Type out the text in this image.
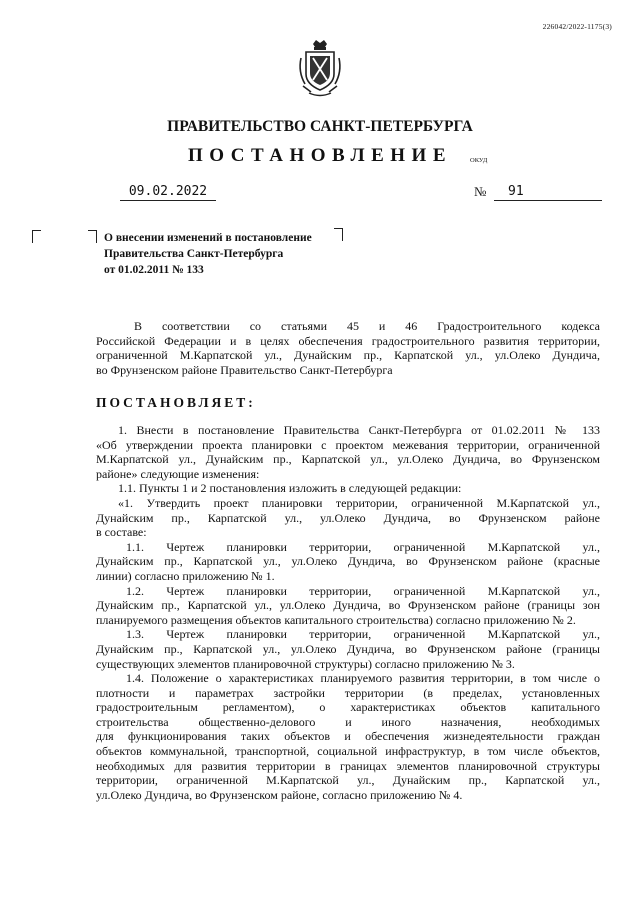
226042/2022-1175(3)
ПРАВИТЕЛЬСТВО САНКТ-ПЕТЕРБУРГА
ПОСТАНОВЛЕНИЕ	ОКУД
09.02.2022	№	91
О внесении изменений в постановление
Правительства Санкт-Петербурга
от 01.02.2011 № 133
В соответствии со статьями 45 и 46 Градостроительного кодекса
Российской Федерации и в целях обеспечения градостроительного развития территории,
ограниченной М.Карпатской ул., Дунайским пр., Карпатской ул., ул.Олеко Дундича,
во Фрунзенском районе Правительство Санкт-Петербурга
ПОСТАНОВЛЯЕТ:
1. Внести в постановление Правительства Санкт-Петербурга от 01.02.2011 № 133
«Об утверждении проекта планировки с проектом межевания территории, ограниченной
М.Карпатской ул., Дунайским пр., Карпатской ул., ул.Олеко Дундича, во Фрунзенском
районе» следующие изменения:
1.1. Пункты 1 и 2 постановления изложить в следующей редакции:
«1. Утвердить проект планировки территории, ограниченной М.Карпатской ул.,
Дунайским пр., Карпатской ул., ул.Олеко Дундича, во Фрунзенском районе
в составе:
1.1. Чертеж планировки территории, ограниченной М.Карпатской ул.,
Дунайским пр., Карпатской ул., ул.Олеко Дундича, во Фрунзенском районе (красные
линии) согласно приложению № 1.
1.2. Чертеж планировки территории, ограниченной М.Карпатской ул.,
Дунайским пр., Карпатской ул., ул.Олеко Дундича, во Фрунзенском районе (границы зон
планируемого размещения объектов капитального строительства) согласно приложению № 2.
1.3. Чертеж планировки территории, ограниченной М.Карпатской ул.,
Дунайским пр., Карпатской ул., ул.Олеко Дундича, во Фрунзенском районе (границы
существующих элементов планировочной структуры) согласно приложению № 3.
1.4. Положение о характеристиках планируемого развития территории, в том числе о
плотности и параметрах застройки территории (в пределах, установленных
градостроительным регламентом), о характеристиках объектов капитального
строительства общественно-делового и иного назначения, необходимых
для функционирования таких объектов и обеспечения жизнедеятельности граждан
объектов коммунальной, транспортной, социальной инфраструктур, в том числе объектов,
необходимых для развития территории в границах элементов планировочной структуры
территории, ограниченной М.Карпатской ул., Дунайским пр., Карпатской ул.,
ул.Олеко Дундича, во Фрунзенском районе, согласно приложению № 4.
